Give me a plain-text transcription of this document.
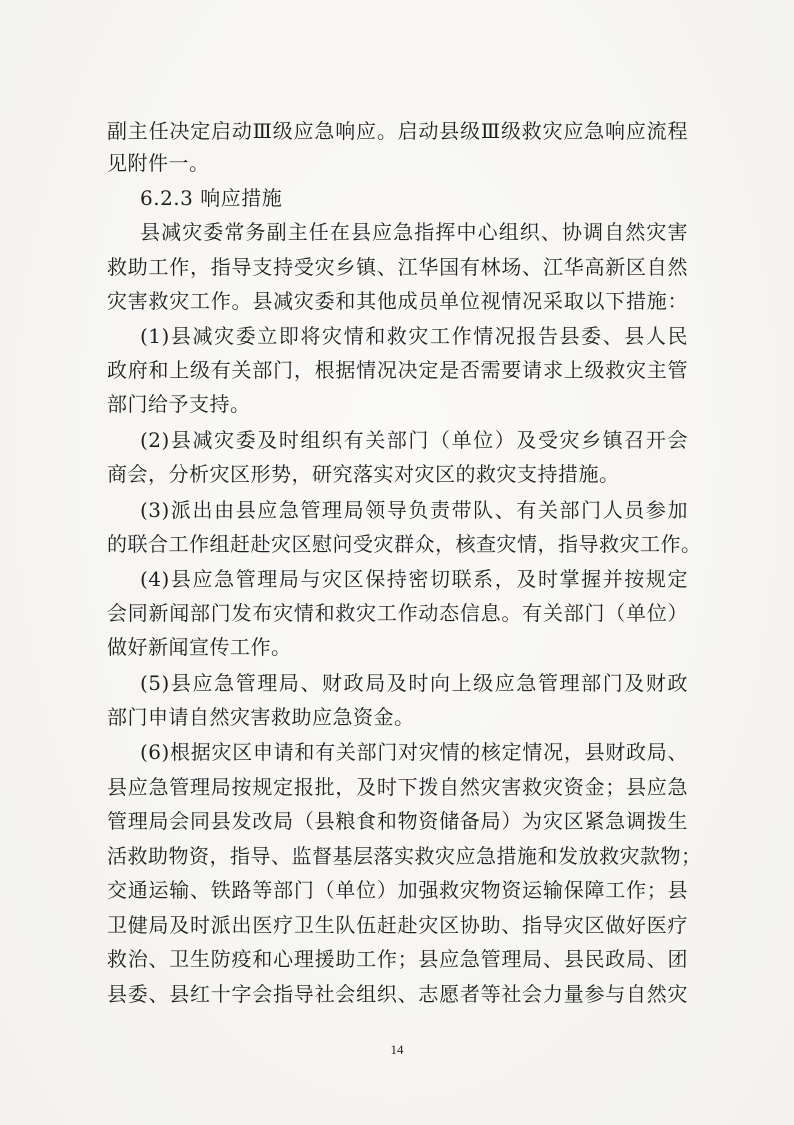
副主任决定启动Ⅲ级应急响应。启动县级Ⅲ级救灾应急响应流程
见附件一。
6.2.3 响应措施
县减灾委常务副主任在县应急指挥中心组织、协调自然灾害
救助工作，指导支持受灾乡镇、江华国有林场、江华高新区自然
灾害救灾工作。县减灾委和其他成员单位视情况采取以下措施：
(1)县减灾委立即将灾情和救灾工作情况报告县委、县人民
政府和上级有关部门，根据情况决定是否需要请求上级救灾主管
部门给予支持。
(2)县减灾委及时组织有关部门（单位）及受灾乡镇召开会
商会，分析灾区形势，研究落实对灾区的救灾支持措施。
(3)派出由县应急管理局领导负责带队、有关部门人员参加
的联合工作组赶赴灾区慰问受灾群众，核查灾情，指导救灾工作。
(4)县应急管理局与灾区保持密切联系，及时掌握并按规定
会同新闻部门发布灾情和救灾工作动态信息。有关部门（单位）
做好新闻宣传工作。
(5)县应急管理局、财政局及时向上级应急管理部门及财政
部门申请自然灾害救助应急资金。
(6)根据灾区申请和有关部门对灾情的核定情况，县财政局、
县应急管理局按规定报批，及时下拨自然灾害救灾资金；县应急
管理局会同县发改局（县粮食和物资储备局）为灾区紧急调拨生
活救助物资，指导、监督基层落实救灾应急措施和发放救灾款物；
交通运输、铁路等部门（单位）加强救灾物资运输保障工作；县
卫健局及时派出医疗卫生队伍赶赴灾区协助、指导灾区做好医疗
救治、卫生防疫和心理援助工作；县应急管理局、县民政局、团
县委、县红十字会指导社会组织、志愿者等社会力量参与自然灾
14
